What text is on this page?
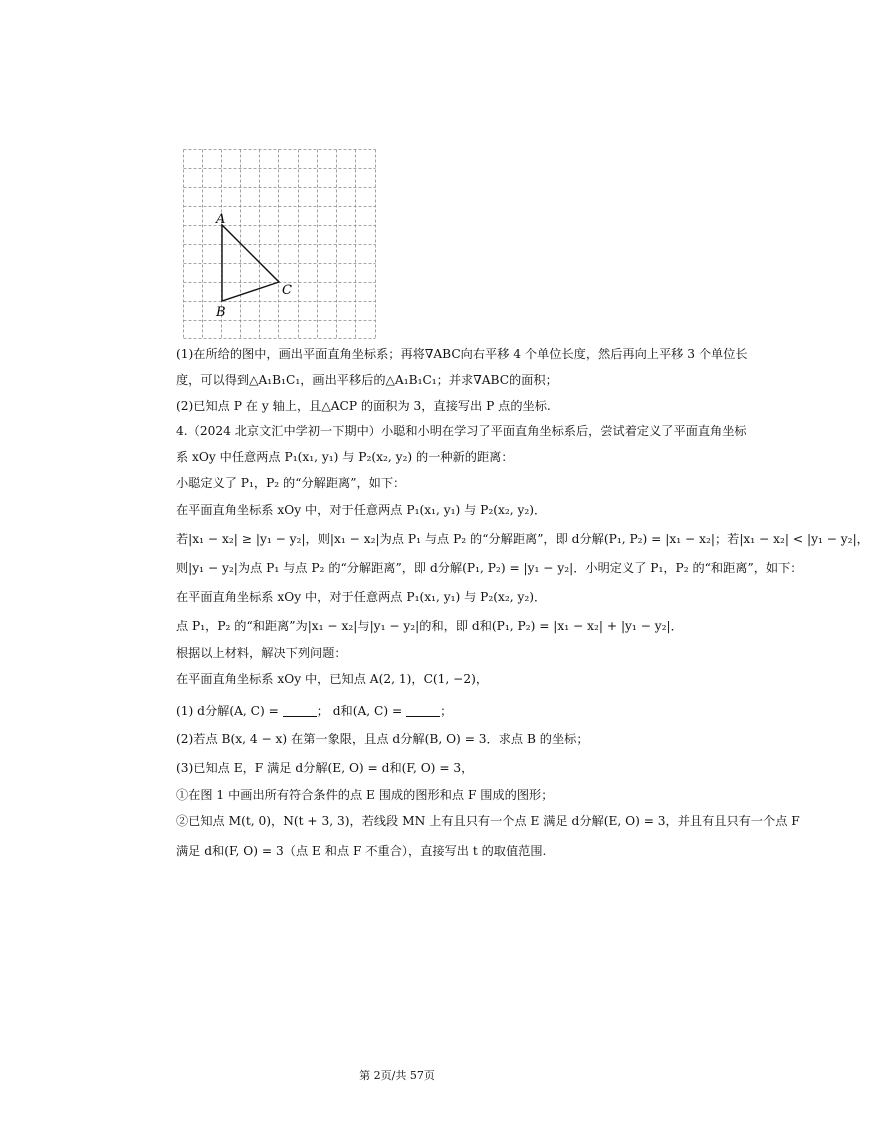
A
B
C
(1)在所给的图中，画出平面直角坐标系；再将∇ABC向右平移 4 个单位长度，然后再向上平移 3 个单位长
度，可以得到△A₁B₁C₁，画出平移后的△A₁B₁C₁；并求∇ABC的面积；
(2)已知点 P 在 y 轴上，且△ACP 的面积为 3，直接写出 P 点的坐标.
4.（2024 北京文汇中学初一下期中）小聪和小明在学习了平面直角坐标系后，尝试着定义了平面直角坐标
系 xOy 中任意两点 P₁(x₁, y₁) 与 P₂(x₂, y₂) 的一种新的距离：
小聪定义了 P₁，P₂ 的“分解距离”，如下：
在平面直角坐标系 xOy 中，对于任意两点 P₁(x₁, y₁) 与 P₂(x₂, y₂)．
若|x₁ − x₂| ≥ |y₁ − y₂|，则|x₁ − x₂|为点 P₁ 与点 P₂ 的“分解距离”，即 d分解(P₁, P₂) = |x₁ − x₂|；若|x₁ − x₂| < |y₁ − y₂|，
则|y₁ − y₂|为点 P₁ 与点 P₂ 的“分解距离”，即 d分解(P₁, P₂) = |y₁ − y₂|．小明定义了 P₁，P₂ 的“和距离”，如下：
在平面直角坐标系 xOy 中，对于任意两点 P₁(x₁, y₁) 与 P₂(x₂, y₂)．
点 P₁，P₂ 的“和距离”为|x₁ − x₂|与|y₁ − y₂|的和，即 d和(P₁, P₂) = |x₁ − x₂| + |y₁ − y₂|．
根据以上材料，解决下列问题：
在平面直角坐标系 xOy 中，已知点 A(2, 1)，C(1, −2)，
(1) d分解(A, C) =	； d和(A, C) =	；
(2)若点 B(x, 4 − x) 在第一象限，且点 d分解(B, O) = 3．求点 B 的坐标；
(3)已知点 E，F 满足 d分解(E, O) = d和(F, O) = 3，
①在图 1 中画出所有符合条件的点 E 围成的图形和点 F 围成的图形；
②已知点 M(t, 0)，N(t + 3, 3)，若线段 MN 上有且只有一个点 E 满足 d分解(E, O) = 3，并且有且只有一个点 F
满足 d和(F, O) = 3（点 E 和点 F 不重合），直接写出 t 的取值范围.
第 2页/共 57页
